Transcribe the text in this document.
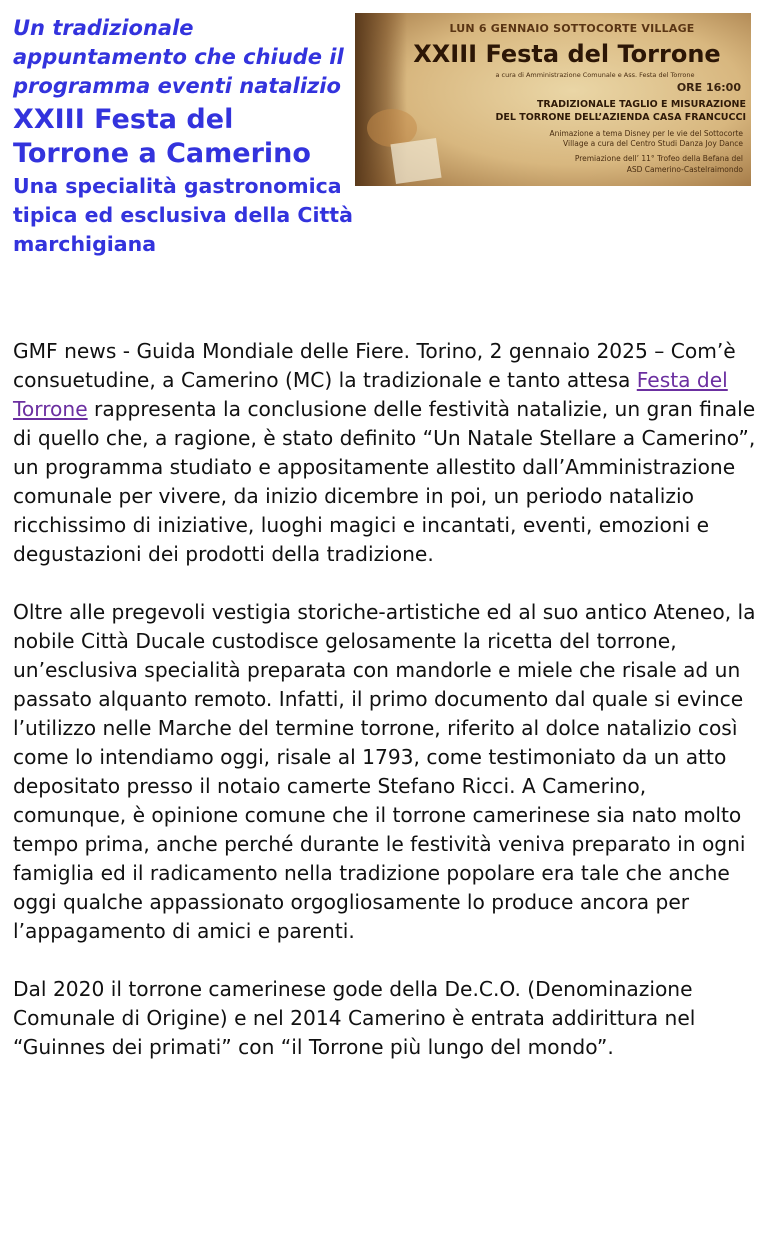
Un tradizionale appuntamento che chiude il programma eventi natalizio

XXIII Festa del Torrone a Camerino
Una specialità gastronomica tipica ed esclusiva della Città marchigiana
LUN 6 GENNAIO SOTTOCORTE VILLAGE
XXIII Festa del Torrone
a cura di Amministrazione Comunale e Ass. Festa del Torrone
ORE 16:00
TRADIZIONALE TAGLIO E MISURAZIONE
DEL TORRONE DELL’AZIENDA CASA FRANCUCCI
Animazione a tema Disney per le vie del Sottocorte
Village a cura del Centro Studi Danza Joy Dance
Premiazione dell’ 11° Trofeo della Befana del
ASD Camerino-Castelraimondo

GMF news - Guida Mondiale delle Fiere. Torino, 2 gennaio 2025 – Com’è consuetudine, a Camerino (MC) la tradizionale e tanto attesa Festa del Torrone rappresenta la conclusione delle festività natalizie, un gran finale di quello che, a ragione, è stato definito “Un Natale Stellare a Camerino”, un programma studiato e appositamente allestito dall’Amministrazione comunale per vivere, da inizio dicembre in poi, un periodo natalizio ricchissimo di iniziative, luoghi magici e incantati, eventi, emozioni e degustazioni dei prodotti della tradizione.

Oltre alle pregevoli vestigia storiche-artistiche ed al suo antico Ateneo, la nobile Città Ducale custodisce gelosamente la ricetta del torrone, un’esclusiva specialità preparata con mandorle e miele che risale ad un passato alquanto remoto. Infatti, il primo documento dal quale si evince l’utilizzo nelle Marche del termine torrone, riferito al dolce natalizio così come lo intendiamo oggi, risale al 1793, come testimoniato da un atto depositato presso il notaio camerte Stefano Ricci. A Camerino, comunque, è opinione comune che il torrone camerinese sia nato molto tempo prima, anche perché durante le festività veniva preparato in ogni famiglia ed il radicamento nella tradizione popolare era tale che anche oggi qualche appassionato orgogliosamente lo produce ancora per l’appagamento di amici e parenti.

Dal 2020 il torrone camerinese gode della De.C.O. (Denominazione Comunale di Origine) e nel 2014 Camerino è entrata addirittura nel “Guinnes dei primati” con “il Torrone più lungo del mondo”.
